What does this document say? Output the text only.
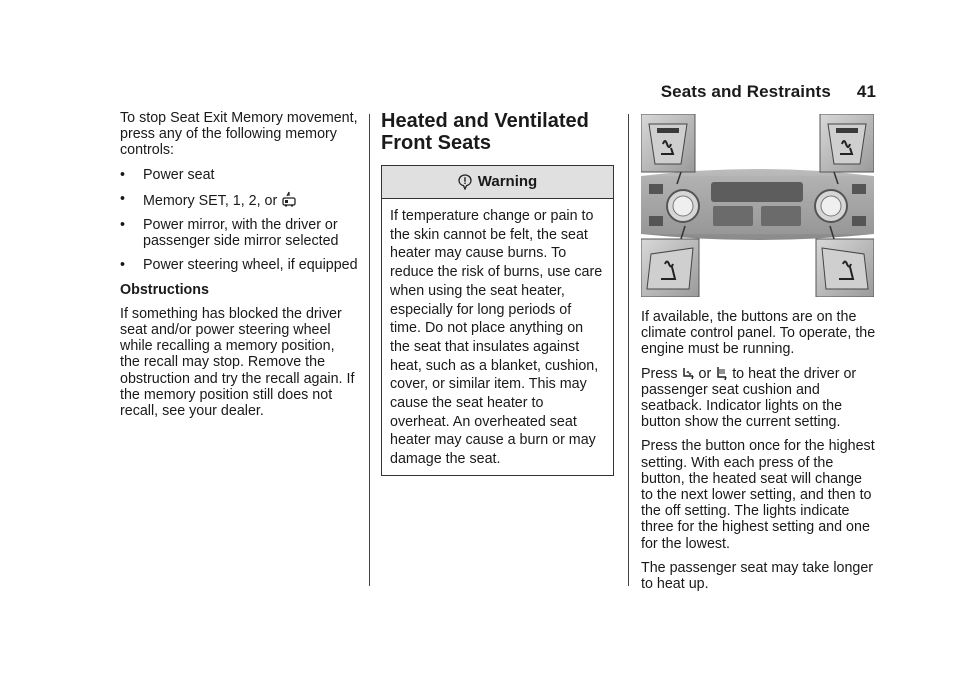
Seats and Restraints 41

To stop Seat Exit Memory movement, press any of the following memory controls:

•	Power seat
•	Memory SET, 1, 2, or
•	Power mirror, with the driver or passenger side mirror selected
•	Power steering wheel, if equipped

Obstructions

If something has blocked the driver seat and/or power steering wheel while recalling a memory position, the recall may stop. Remove the obstruction and try the recall again. If the memory position still does not recall, see your dealer.

Heated and Ventilated
Front Seats
Warning
If temperature change or pain to the skin cannot be felt, the seat heater may cause burns. To reduce the risk of burns, use care when using the seat heater, especially for long periods of time. Do not place anything on the seat that insulates against heat, such as a blanket, cushion, cover, or similar item. This may cause the seat heater to overheat. An overheated seat heater may cause a burn or may damage the seat.

If available, the buttons are on the climate control panel. To operate, the engine must be running.

Press or to heat the driver or passenger seat cushion and seatback. Indicator lights on the button show the current setting.

Press the button once for the highest setting. With each press of the button, the heated seat will change to the next lower setting, and then to the off setting. The lights indicate three for the highest setting and one for the lowest.

The passenger seat may take longer to heat up.
